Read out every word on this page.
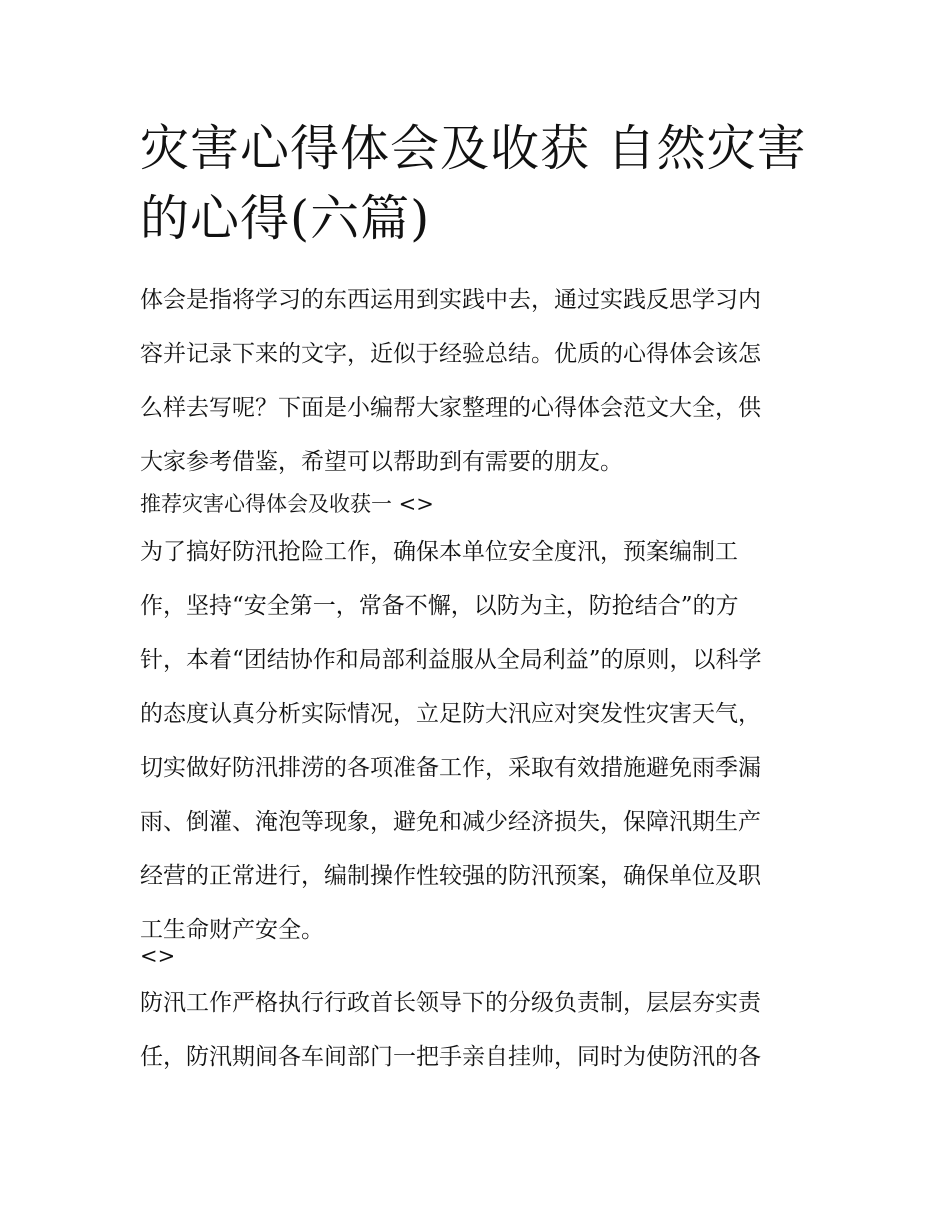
灾害心得体会及收获 自然灾害
的心得(六篇)
体会是指将学习的东西运用到实践中去，通过实践反思学习内
容并记录下来的文字，近似于经验总结。优质的心得体会该怎
么样去写呢？下面是小编帮大家整理的心得体会范文大全，供
大家参考借鉴，希望可以帮助到有需要的朋友。
推荐灾害心得体会及收获一 <>
为了搞好防汛抢险工作，确保本单位安全度汛，预案编制工
作，坚持“安全第一，常备不懈，以防为主，防抢结合”的方
针，本着“团结协作和局部利益服从全局利益”的原则，以科学
的态度认真分析实际情况，立足防大汛应对突发性灾害天气，
切实做好防汛排涝的各项准备工作，采取有效措施避免雨季漏
雨、倒灌、淹泡等现象，避免和减少经济损失，保障汛期生产
经营的正常进行，编制操作性较强的防汛预案，确保单位及职
工生命财产安全。
<>
防汛工作严格执行行政首长领导下的分级负责制，层层夯实责
任，防汛期间各车间部门一把手亲自挂帅，同时为使防汛的各
